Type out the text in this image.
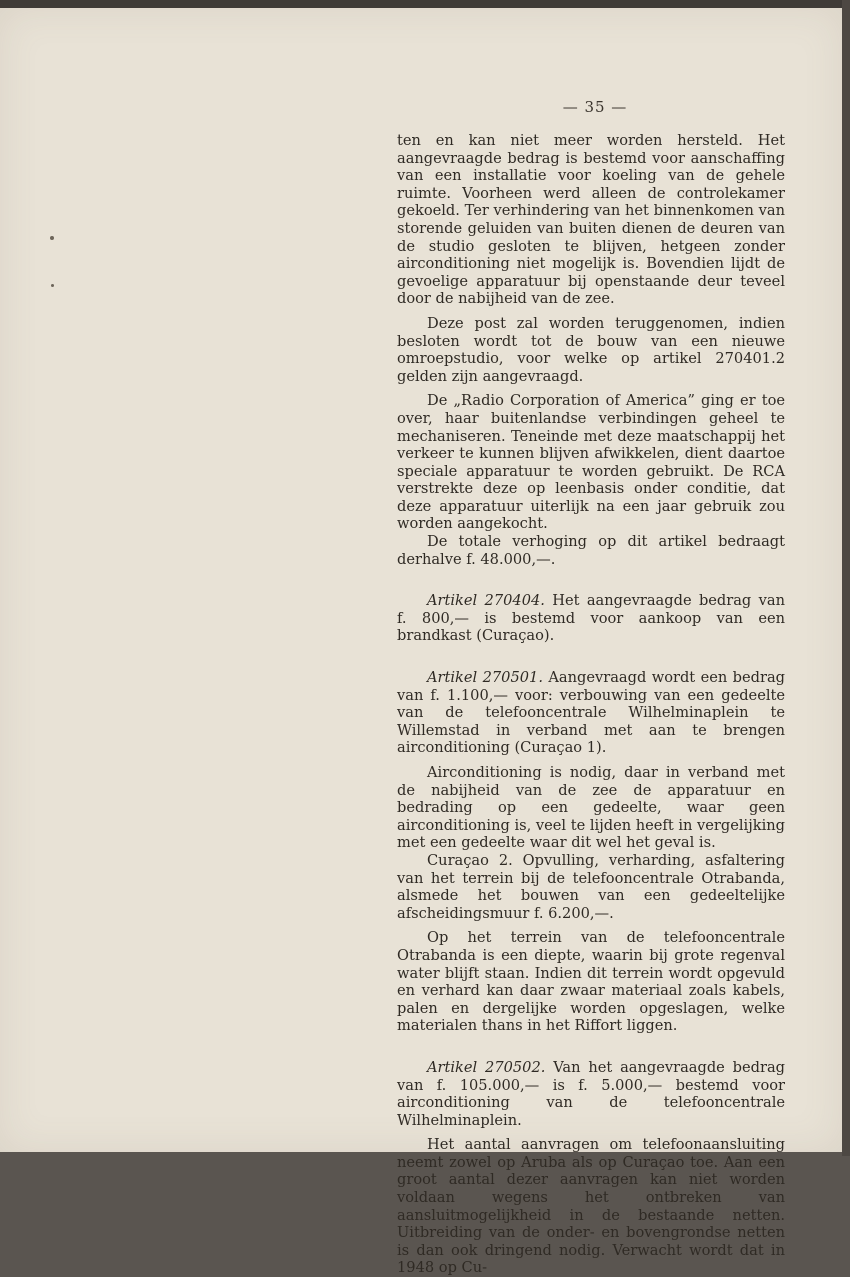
— 35 —

ten en kan niet meer worden hersteld. Het aangevraagde bedrag is bestemd voor aanschaffing van een installatie voor koeling van de gehele ruimte. Voorheen werd alleen de controlekamer gekoeld. Ter verhindering van het binnenkomen van storende geluiden van buiten dienen de deuren van de studio gesloten te blijven, hetgeen zonder airconditioning niet mogelijk is. Bovendien lijdt de gevoelige apparatuur bij openstaande deur teveel door de nabijheid van de zee.

Deze post zal worden teruggenomen, indien besloten wordt tot de bouw van een nieuwe omroepstudio, voor welke op artikel 270401.2 gelden zijn aangevraagd.

De „Radio Corporation of America” ging er toe over, haar buitenlandse verbindingen geheel te mechaniseren. Teneinde met deze maatschappij het verkeer te kunnen blijven afwikkelen, dient daartoe speciale apparatuur te worden gebruikt. De RCA verstrekte deze op leenbasis onder conditie, dat deze apparatuur uiterlijk na een jaar gebruik zou worden aangekocht.

De totale verhoging op dit artikel bedraagt derhalve f. 48.000,—.

Artikel 270404. Het aangevraagde bedrag van f. 800,— is bestemd voor aankoop van een brandkast (Curaçao).

Artikel 270501. Aangevraagd wordt een bedrag van f. 1.100,— voor: verbouwing van een gedeelte van de telefooncentrale Wilhelminaplein te Willemstad in verband met aan te brengen airconditioning (Curaçao 1).

Airconditioning is nodig, daar in verband met de nabijheid van de zee de apparatuur en bedrading op een gedeelte, waar geen airconditioning is, veel te lijden heeft in vergelijking met een gedeelte waar dit wel het geval is.

Curaçao 2. Opvulling, verharding, asfaltering van het terrein bij de telefooncentrale Otrabanda, alsmede het bouwen van een gedeeltelijke afscheidingsmuur f. 6.200,—.

Op het terrein van de telefooncentrale Otrabanda is een diepte, waarin bij grote regenval water blijft staan. Indien dit terrein wordt opgevuld en verhard kan daar zwaar materiaal zoals kabels, palen en dergelijke worden opgeslagen, welke materialen thans in het Riffort liggen.

Artikel 270502. Van het aangevraagde bedrag van f. 105.000,— is f. 5.000,— bestemd voor airconditioning van de telefooncentrale Wilhelminaplein.

Het aantal aanvragen om telefoonaansluiting neemt zowel op Aruba als op Curaçao toe. Aan een groot aantal dezer aanvragen kan niet worden voldaan wegens het ontbreken van aansluitmogelijkheid in de bestaande netten. Uitbreiding van de onder- en bovengrondse netten is dan ook dringend nodig. Verwacht wordt dat in 1948 op Cu-
